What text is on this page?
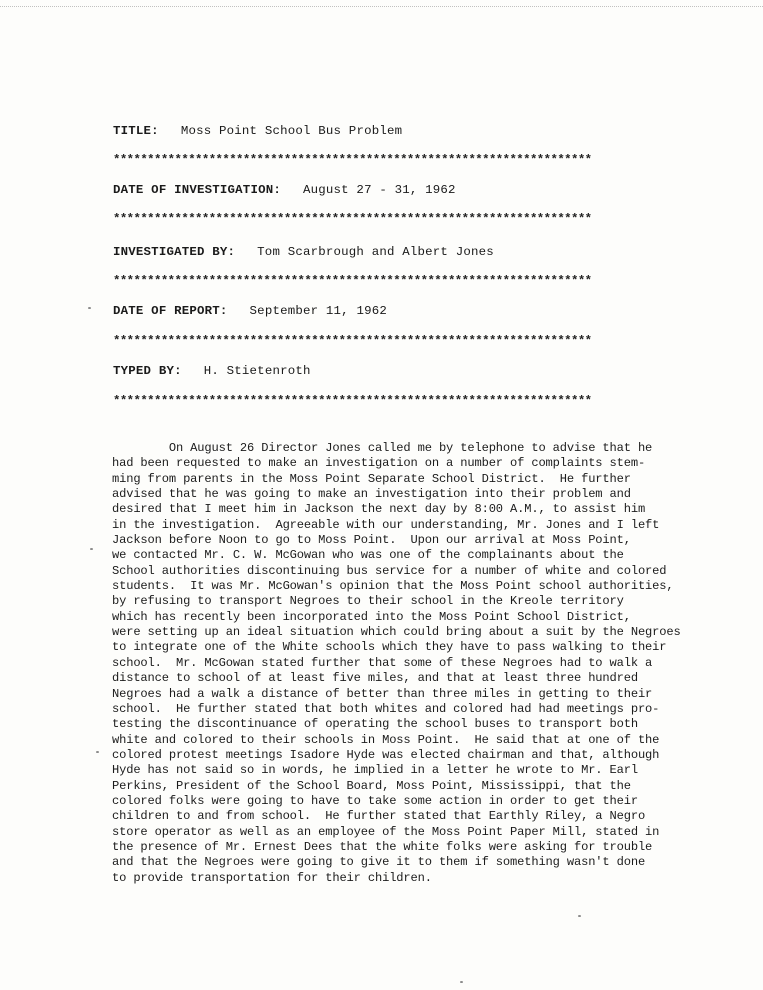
TITLE: Moss Point School Bus Problem
**********************************************************************
DATE OF INVESTIGATION: August 27 - 31, 1962
**********************************************************************
INVESTIGATED BY: Tom Scarbrough and Albert Jones
**********************************************************************
DATE OF REPORT: September 11, 1962
**********************************************************************
TYPED BY: H. Stietenroth
**********************************************************************
On August 26 Director Jones called me by telephone to advise that he
had been requested to make an investigation on a number of complaints stem-
ming from parents in the Moss Point Separate School District.  He further
advised that he was going to make an investigation into their problem and
desired that I meet him in Jackson the next day by 8:00 A.M., to assist him
in the investigation.  Agreeable with our understanding, Mr. Jones and I left
Jackson before Noon to go to Moss Point.  Upon our arrival at Moss Point,
we contacted Mr. C. W. McGowan who was one of the complainants about the
School authorities discontinuing bus service for a number of white and colored
students.  It was Mr. McGowan's opinion that the Moss Point school authorities,
by refusing to transport Negroes to their school in the Kreole territory
which has recently been incorporated into the Moss Point School District,
were setting up an ideal situation which could bring about a suit by the Negroes
to integrate one of the White schools which they have to pass walking to their
school.  Mr. McGowan stated further that some of these Negroes had to walk a
distance to school of at least five miles, and that at least three hundred
Negroes had a walk a distance of better than three miles in getting to their
school.  He further stated that both whites and colored had had meetings pro-
testing the discontinuance of operating the school buses to transport both
white and colored to their schools in Moss Point.  He said that at one of the
colored protest meetings Isadore Hyde was elected chairman and that, although
Hyde has not said so in words, he implied in a letter he wrote to Mr. Earl
Perkins, President of the School Board, Moss Point, Mississippi, that the
colored folks were going to have to take some action in order to get their
children to and from school.  He further stated that Earthly Riley, a Negro
store operator as well as an employee of the Moss Point Paper Mill, stated in
the presence of Mr. Ernest Dees that the white folks were asking for trouble
and that the Negroes were going to give it to them if something wasn't done
to provide transportation for their children.
